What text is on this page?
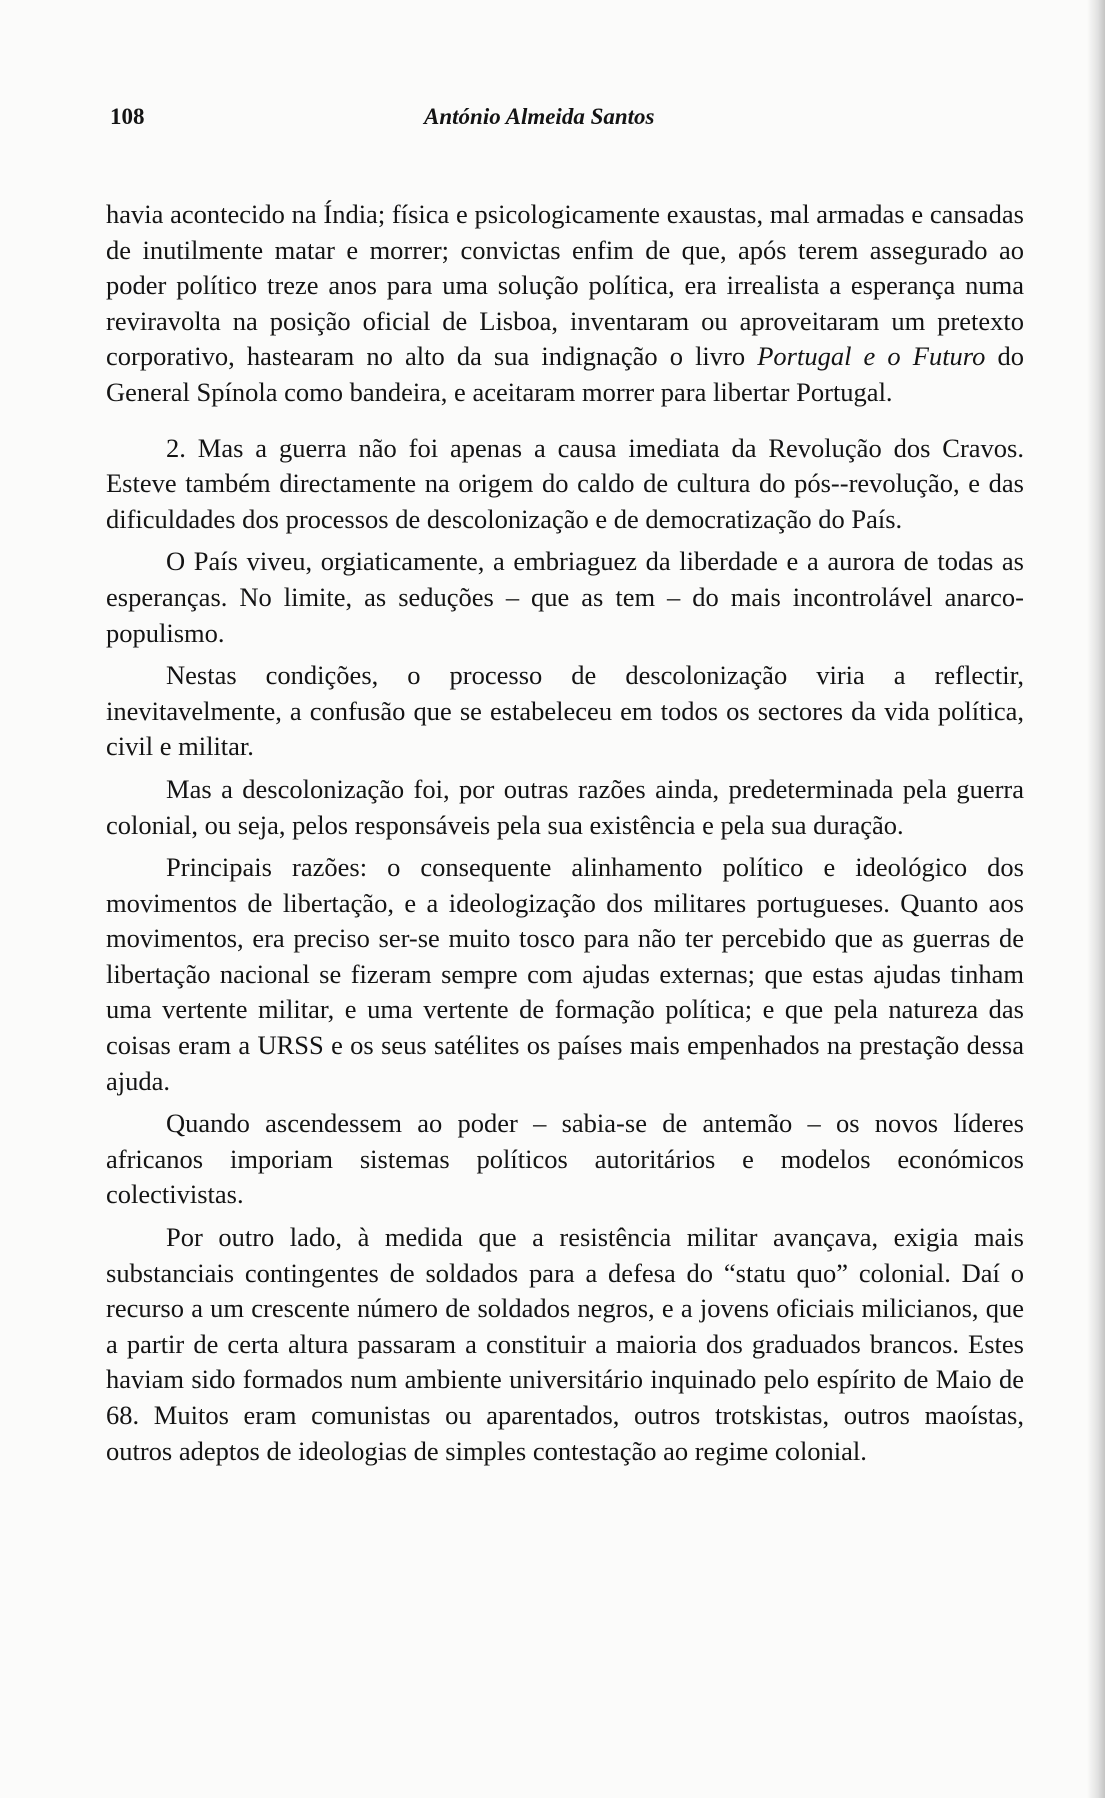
108	António Almeida Santos

havia acontecido na Índia; física e psicologicamente exaustas, mal armadas e cansadas de inutilmente matar e morrer; convictas enfim de que, após terem assegurado ao poder político treze anos para uma solução política, era irrealista a esperança numa reviravolta na posição oficial de Lisboa, inventaram ou aproveitaram um pretexto corporativo, hastearam no alto da sua indignação o livro Portugal e o Futuro do General Spínola como bandeira, e aceitaram morrer para libertar Portugal.

2. Mas a guerra não foi apenas a causa imediata da Revolução dos Cravos. Esteve também directamente na origem do caldo de cultura do pós--revolução, e das dificuldades dos processos de descolonização e de democratização do País.

O País viveu, orgiaticamente, a embriaguez da liberdade e a aurora de todas as esperanças. No limite, as seduções – que as tem – do mais incontrolável anarco-populismo.

Nestas condições, o processo de descolonização viria a reflectir, inevitavelmente, a confusão que se estabeleceu em todos os sectores da vida política, civil e militar.

Mas a descolonização foi, por outras razões ainda, predeterminada pela guerra colonial, ou seja, pelos responsáveis pela sua existência e pela sua duração.

Principais razões: o consequente alinhamento político e ideológico dos movimentos de libertação, e a ideologização dos militares portugueses. Quanto aos movimentos, era preciso ser-se muito tosco para não ter percebido que as guerras de libertação nacional se fizeram sempre com ajudas externas; que estas ajudas tinham uma vertente militar, e uma vertente de formação política; e que pela natureza das coisas eram a URSS e os seus satélites os países mais empenhados na prestação dessa ajuda.

Quando ascendessem ao poder – sabia-se de antemão – os novos líderes africanos imporiam sistemas políticos autoritários e modelos económicos colectivistas.

Por outro lado, à medida que a resistência militar avançava, exigia mais substanciais contingentes de soldados para a defesa do “statu quo” colonial. Daí o recurso a um crescente número de soldados negros, e a jovens oficiais milicianos, que a partir de certa altura passaram a constituir a maioria dos graduados brancos. Estes haviam sido formados num ambiente universitário inquinado pelo espírito de Maio de 68. Muitos eram comunistas ou aparentados, outros trotskistas, outros maoístas, outros adeptos de ideologias de simples contestação ao regime colonial.
